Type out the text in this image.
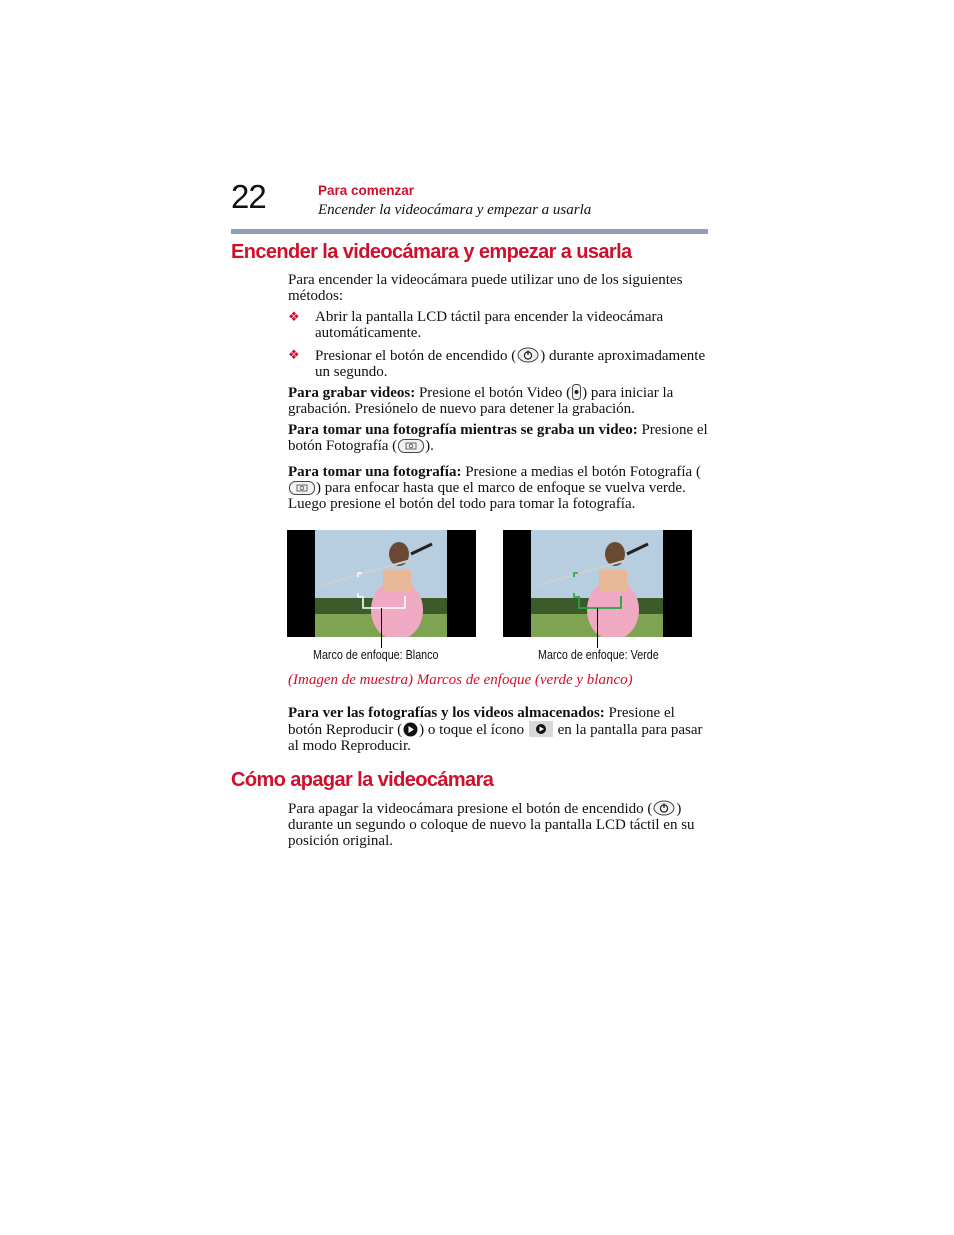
22	Para comenzar
Encender la videocámara y empezar a usarla
Encender la videocámara y empezar a usarla
Para encender la videocámara puede utilizar uno de los siguientes métodos:
❖ Abrir la pantalla LCD táctil para encender la videocámara automáticamente.
❖ Presionar el botón de encendido ( ) durante aproximadamente un segundo.
Para grabar videos: Presione el botón Video ( ) para iniciar la grabación. Presiónelo de nuevo para detener la grabación.
Para tomar una fotografía mientras se graba un video: Presione el botón Fotografía ( ).
Para tomar una fotografía: Presione a medias el botón Fotografía () para enfocar hasta que el marco de enfoque se vuelva verde. Luego presione el botón del todo para tomar la fotografía.
Marco de enfoque: Blanco	Marco de enfoque: Verde
(Imagen de muestra) Marcos de enfoque (verde y blanco)
Para ver las fotografías y los videos almacenados: Presione el botón Reproducir ( ) o toque el ícono  en la pantalla para pasar al modo Reproducir.
Cómo apagar la videocámara
Para apagar la videocámara presione el botón de encendido ( ) durante un segundo o coloque de nuevo la pantalla LCD táctil en su posición original.
